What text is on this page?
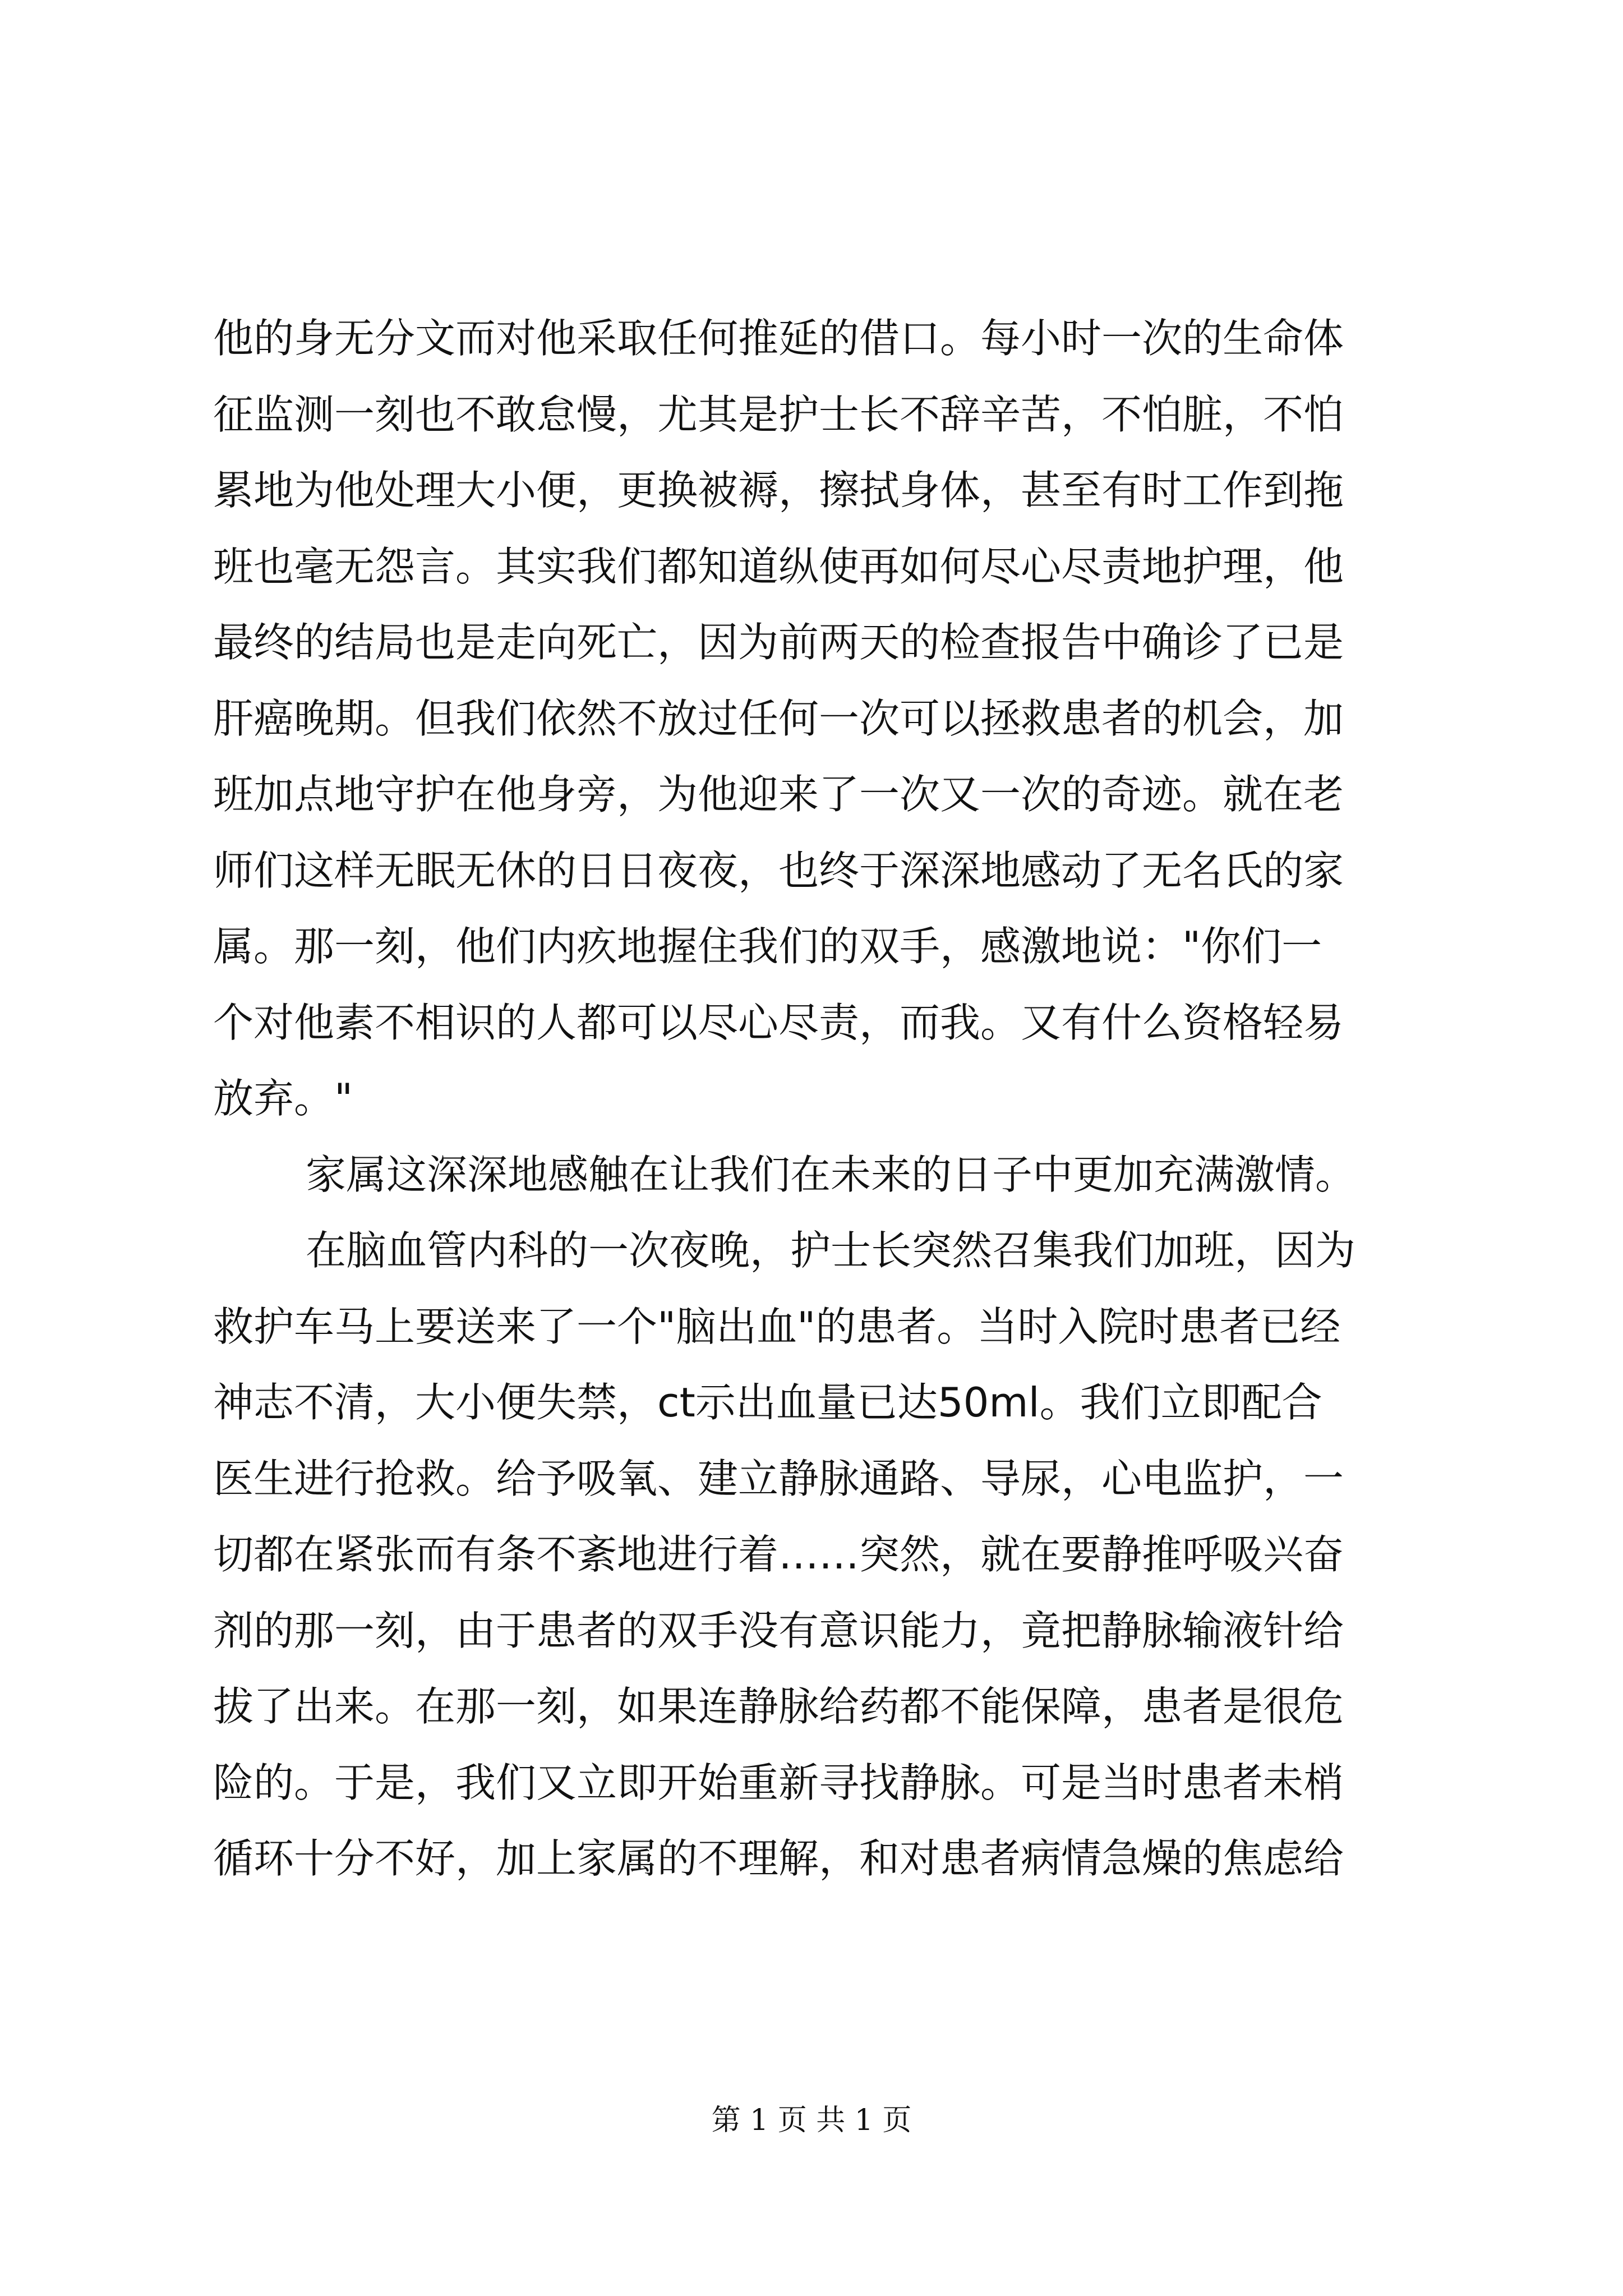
他的身无分文而对他采取任何推延的借口。每小时一次的生命体
征监测一刻也不敢怠慢，尤其是护士长不辞辛苦，不怕脏，不怕
累地为他处理大小便，更换被褥，擦拭身体，甚至有时工作到拖
班也毫无怨言。其实我们都知道纵使再如何尽心尽责地护理，他
最终的结局也是走向死亡，因为前两天的检查报告中确诊了已是
肝癌晚期。但我们依然不放过任何一次可以拯救患者的机会，加
班加点地守护在他身旁，为他迎来了一次又一次的奇迹。就在老
师们这样无眠无休的日日夜夜，也终于深深地感动了无名氏的家
属。那一刻，他们内疚地握住我们的双手，感激地说："你们一
个对他素不相识的人都可以尽心尽责，而我。又有什么资格轻易
放弃。"
家属这深深地感触在让我们在未来的日子中更加充满激情。
在脑血管内科的一次夜晚，护士长突然召集我们加班，因为
救护车马上要送来了一个"脑出血"的患者。当时入院时患者已经
神志不清，大小便失禁，ct示出血量已达50ml。我们立即配合
医生进行抢救。给予吸氧、建立静脉通路、导尿，心电监护，一
切都在紧张而有条不紊地进行着……突然，就在要静推呼吸兴奋
剂的那一刻，由于患者的双手没有意识能力，竟把静脉输液针给
拔了出来。在那一刻，如果连静脉给药都不能保障，患者是很危
险的。于是，我们又立即开始重新寻找静脉。可是当时患者未梢
循环十分不好，加上家属的不理解，和对患者病情急燥的焦虑给
第 1 页 共 1 页
